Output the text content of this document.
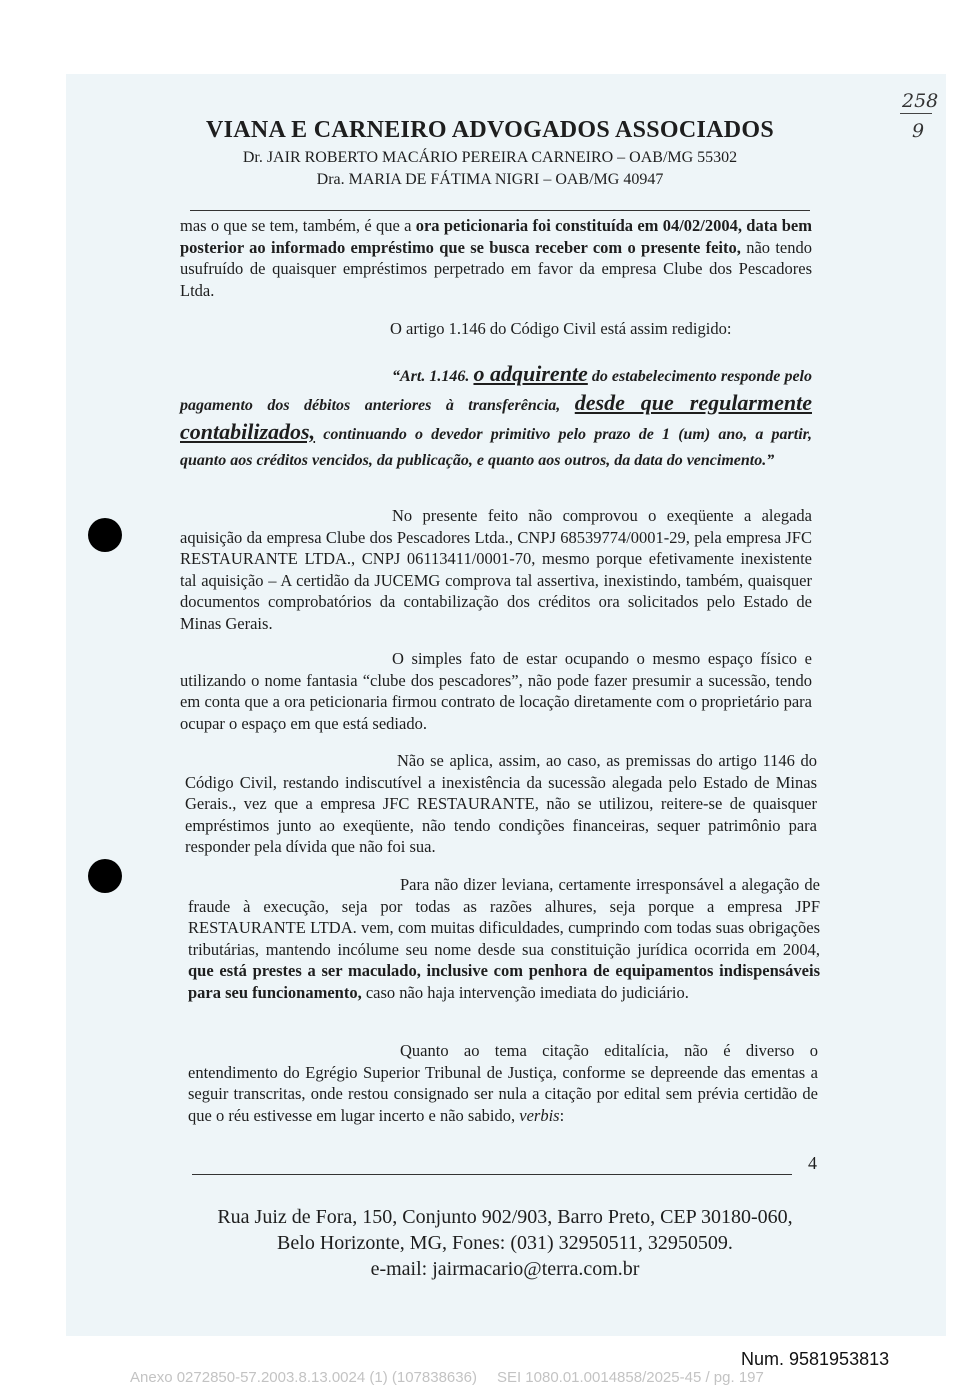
258
9
VIANA E CARNEIRO ADVOGADOS ASSOCIADOS
Dr. JAIR ROBERTO MACÁRIO PEREIRA CARNEIRO – OAB/MG 55302
Dra. MARIA DE FÁTIMA NIGRI – OAB/MG 40947
mas o que se tem, também, é que a ora peticionaria foi constituída em 04/02/2004, data bem posterior ao informado empréstimo que se busca receber com o presente feito, não tendo usufruído de quaisquer empréstimos perpetrado em favor da empresa Clube dos Pescadores Ltda.
O artigo 1.146 do Código Civil está assim redigido:
“Art. 1.146. o adquirente do estabelecimento responde pelo pagamento dos débitos anteriores à transferência, desde que regularmente contabilizados, continuando o devedor primitivo pelo prazo de 1 (um) ano, a partir, quanto aos créditos vencidos, da publicação, e quanto aos outros, da data do vencimento.”
No presente feito não comprovou o exeqüente a alegada aquisição da empresa Clube dos Pescadores Ltda., CNPJ 68539774/0001-29, pela empresa JFC RESTAURANTE LTDA., CNPJ 06113411/0001-70, mesmo porque efetivamente inexistente tal aquisição – A certidão da JUCEMG comprova tal assertiva, inexistindo, também, quaisquer documentos comprobatórios da contabilização dos créditos ora solicitados pelo Estado de Minas Gerais.
O simples fato de estar ocupando o mesmo espaço físico e utilizando o nome fantasia “clube dos pescadores”, não pode fazer presumir a sucessão, tendo em conta que a ora peticionaria firmou contrato de locação diretamente com o proprietário para ocupar o espaço em que está sediado.
Não se aplica, assim, ao caso, as premissas do artigo 1146 do Código Civil, restando indiscutível a inexistência da sucessão alegada pelo Estado de Minas Gerais., vez que a empresa JFC RESTAURANTE, não se utilizou, reitere-se de quaisquer empréstimos junto ao exeqüente, não tendo condições financeiras, sequer patrimônio para responder pela dívida que não foi sua.
Para não dizer leviana, certamente irresponsável a alegação de fraude à execução, seja por todas as razões alhures, seja porque a empresa JPF RESTAURANTE LTDA. vem, com muitas dificuldades, cumprindo com todas suas obrigações tributárias, mantendo incólume seu nome desde sua constituição jurídica ocorrida em 2004, que está prestes a ser maculado, inclusive com penhora de equipamentos indispensáveis para seu funcionamento, caso não haja intervenção imediata do judiciário.
Quanto ao tema citação editalícia, não é diverso o entendimento do Egrégio Superior Tribunal de Justiça, conforme se depreende das ementas a seguir transcritas, onde restou consignado ser nula a citação por edital sem prévia certidão de que o réu estivesse em lugar incerto e não sabido, verbis:
4
Rua Juiz de Fora, 150, Conjunto 902/903, Barro Preto, CEP 30180-060,
Belo Horizonte, MG, Fones: (031) 32950511, 32950509.
e-mail: jairmacario@terra.com.br
Num. 9581953813
Anexo 0272850-57.2003.8.13.0024 (1) (107838636) SEI 1080.01.0014858/2025-45 / pg. 197
